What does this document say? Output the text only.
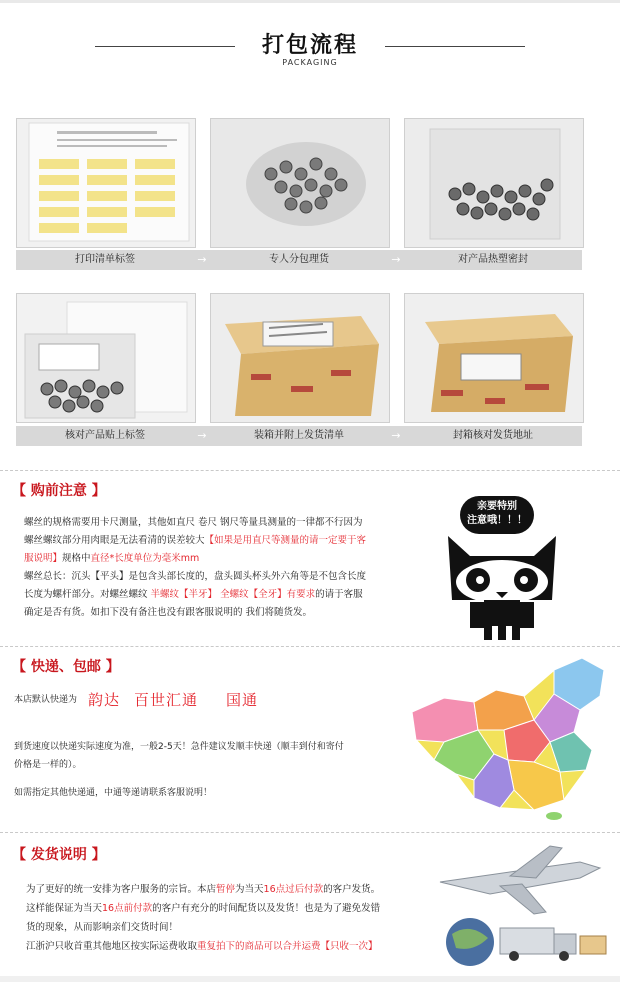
打包流程
PACKAGING
打印清单标签	→	专人分包理货	→	对产品热塑密封
核对产品贴上标签	→	装箱并附上发货清单	→	封箱核对发货地址
【 购前注意 】
螺丝的规格需要用卡尺测量，其他如直尺 卷尺 钢尺等量具测量的一律都不行因为
螺丝螺纹部分用肉眼是无法看清的误差较大【如果是用直尺等测量的请一定要于客
服说明】规格中直径*长度单位为毫米mm
螺丝总长：沉头【平头】是包含头部长度的，盘头圆头杯头外六角等是不包含长度
长度为螺杆部分。对螺丝螺纹 半螺纹【半牙】 全螺纹【全牙】有要求的请于客服
确定是否有货。如扣下没有备注也没有跟客服说明的 我们将随货发。
亲要特别
注意哦！！！
【 快递、包邮 】
本店默认快递为 韵达 百世汇通 国通
到货速度以快递实际速度为准，一般2-5天！急件建议发顺丰快递（顺丰到付和寄付
价格是一样的）。
如需指定其他快递通，中通等递请联系客服说明！
【 发货说明 】
为了更好的统一安排为客户服务的宗旨。本店暂停为当天16点过后付款的客户发货。
这样能保证为当天16点前付款的客户有充分的时间配货以及发货！也是为了避免发错
货的现象，从而影响亲们交货时间！
江浙沪只收首重其他地区按实际运费收取重复拍下的商品可以合并运费【只收一次】
